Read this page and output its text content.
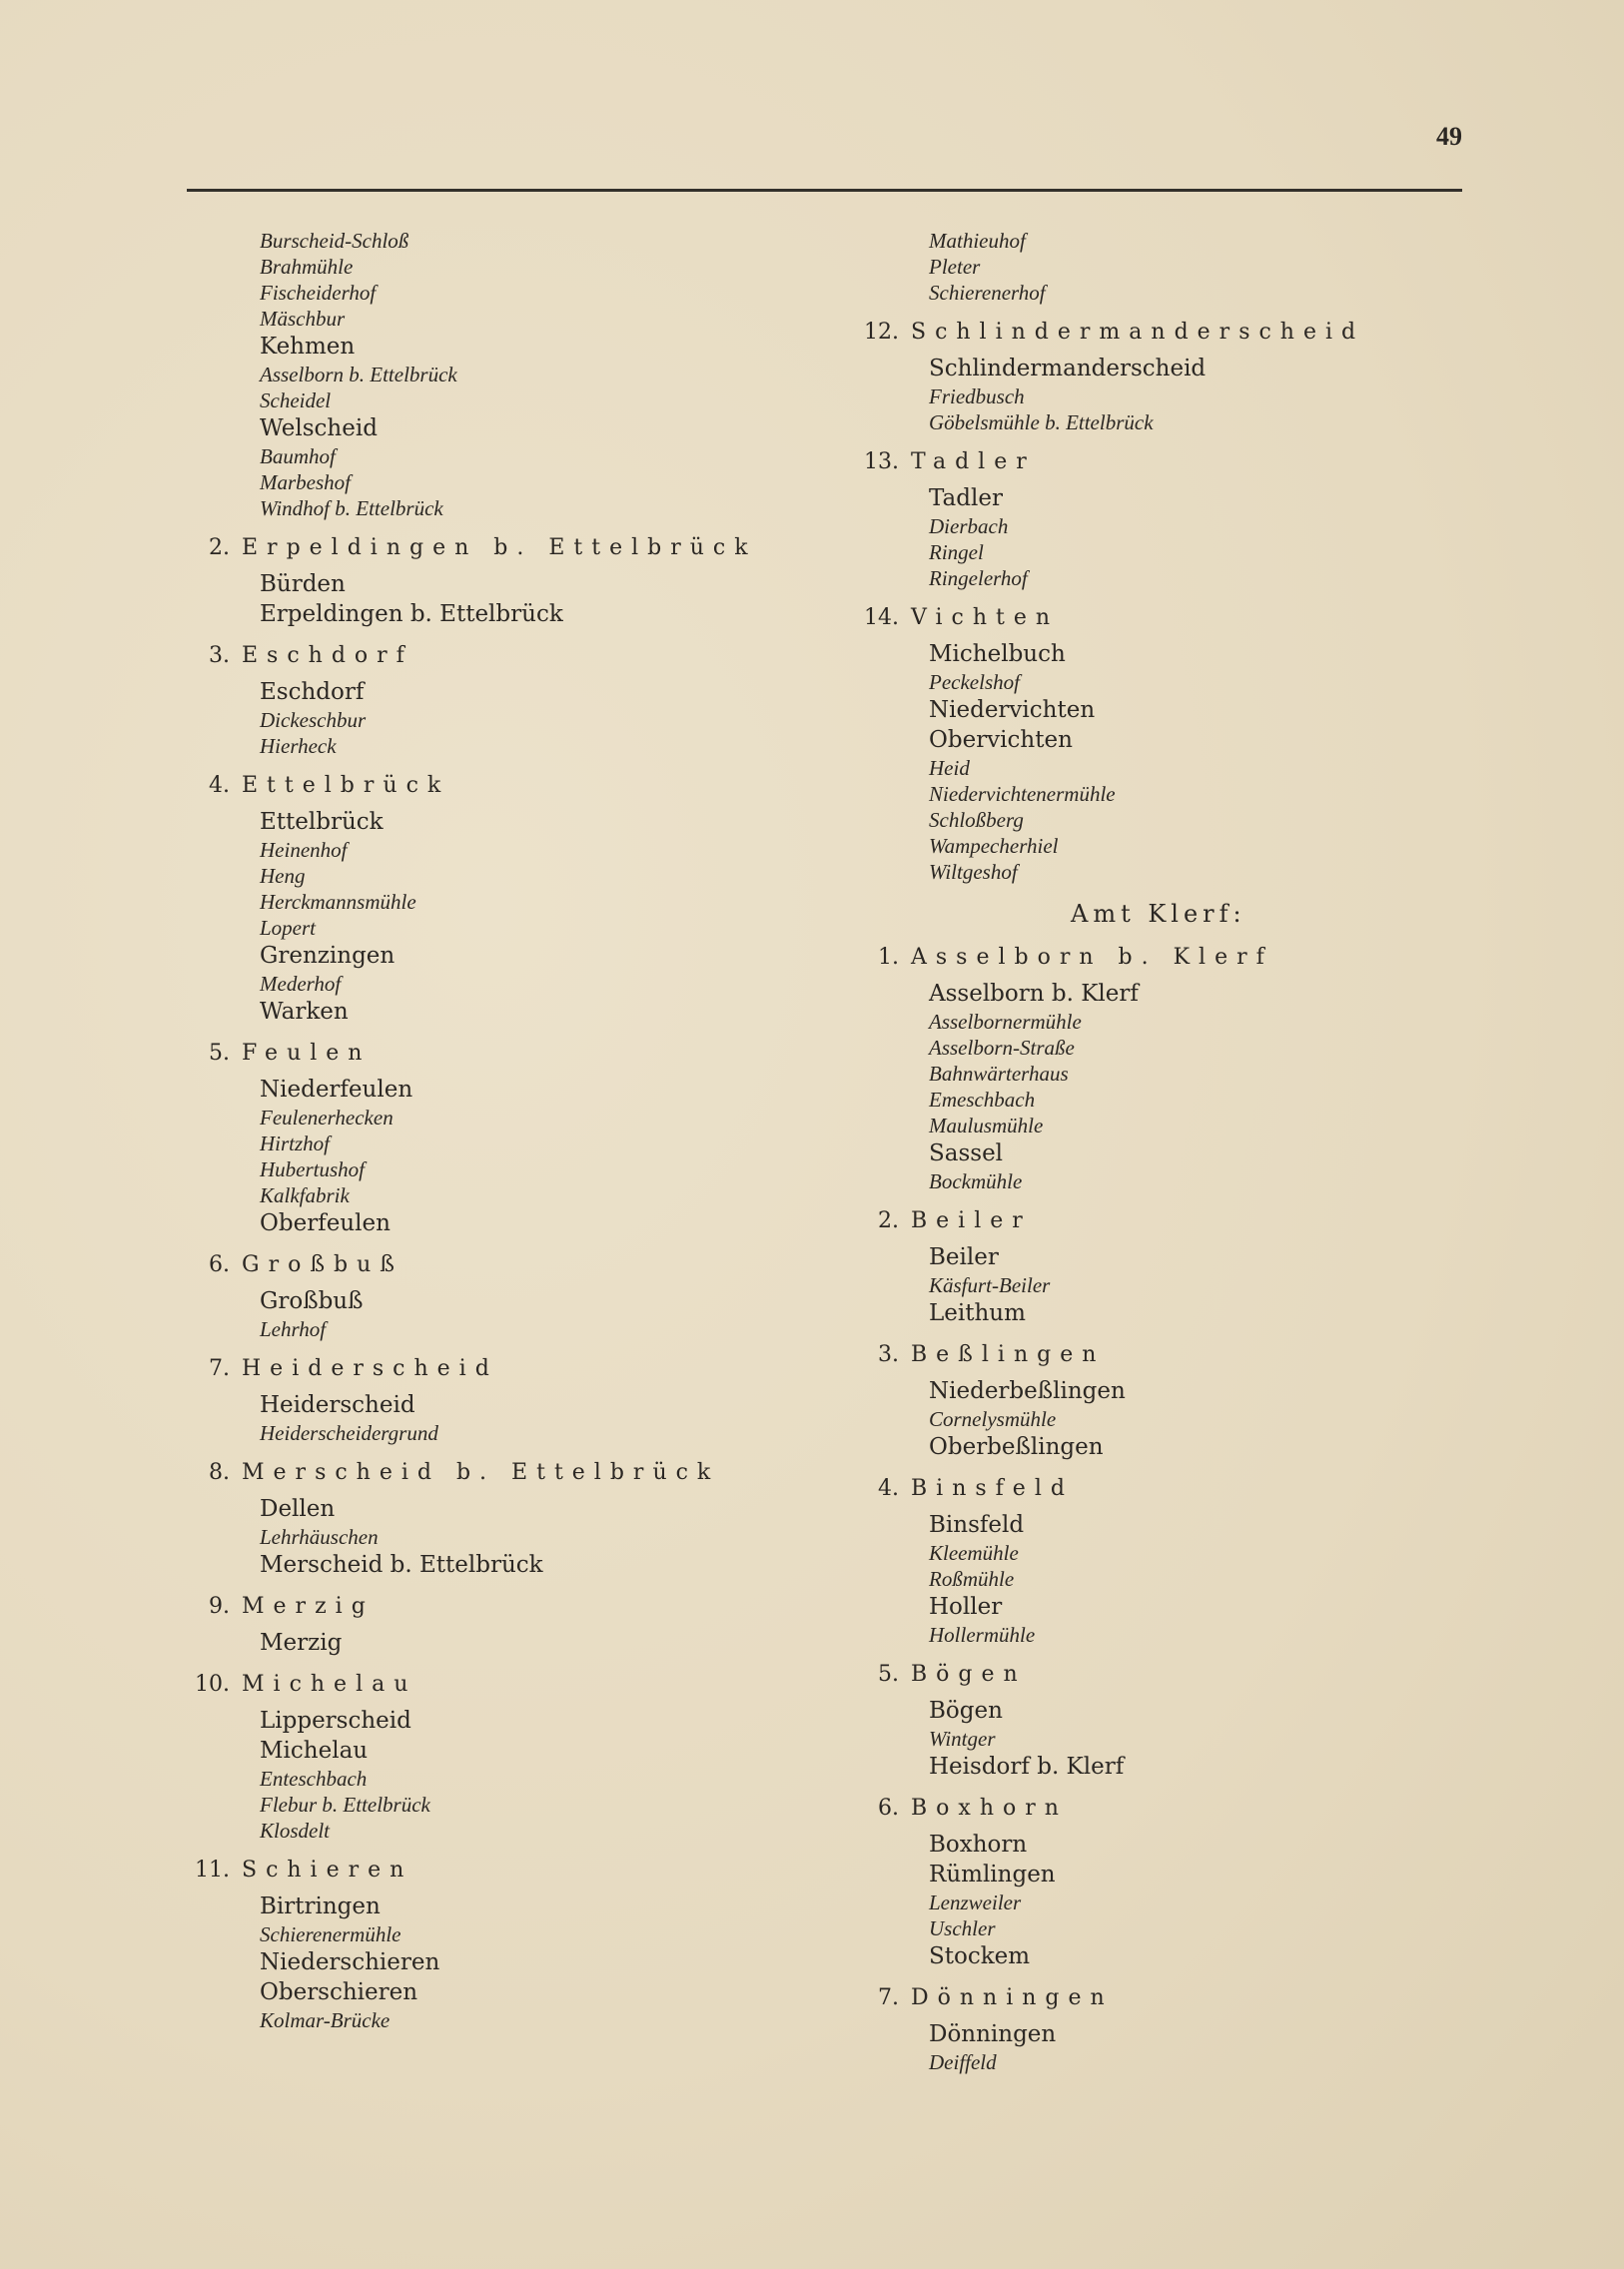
49
Burscheid-Schloß
Brahmühle
Fischeiderhof
Mäschbur
Kehmen
Asselborn b. Ettelbrück
Scheidel
Welscheid
Baumhof
Marbeshof
Windhof b. Ettelbrück
2. Erpeldingen b. Ettelbrück
Bürden
Erpeldingen b. Ettelbrück
3. Eschdorf
Eschdorf
Dickeschbur
Hierheck
4. Ettelbrück
Ettelbrück
Heinenhof
Heng
Herckmannsmühle
Lopert
Grenzingen
Mederhof
Warken
5. Feulen
Niederfeulen
Feulenerhecken
Hirtzhof
Hubertushof
Kalkfabrik
Oberfeulen
6. Großbuß
Großbuß
Lehrhof
7. Heiderscheid
Heiderscheid
Heiderscheidergrund
8. Merscheid b. Ettelbrück
Dellen
Lehrhäuschen
Merscheid b. Ettelbrück
9. Merzig
Merzig
10. Michelau
Lipperscheid
Michelau
Enteschbach
Flebur b. Ettelbrück
Klosdelt
11. Schieren
Birtringen
Schierenermühle
Niederschieren
Oberschieren
Kolmar-Brücke
Mathieuhof
Pleter
Schierenerhof
12. Schlindermanderscheid
Schlindermanderscheid
Friedbusch
Göbelsmühle b. Ettelbrück
13. Tadler
Tadler
Dierbach
Ringel
Ringelerhof
14. Vichten
Michelbuch
Peckelshof
Niedervichten
Obervichten
Heid
Niedervichtenermühle
Schloßberg
Wampecherhiel
Wiltgeshof
Amt Klerf:
1. Asselborn b. Klerf
Asselborn b. Klerf
Asselbornermühle
Asselborn-Straße
Bahnwärterhaus
Emeschbach
Maulusmühle
Sassel
Bockmühle
2. Beiler
Beiler
Käsfurt-Beiler
Leithum
3. Beßlingen
Niederbeßlingen
Cornelysmühle
Oberbeßlingen
4. Binsfeld
Binsfeld
Kleemühle
Roßmühle
Holler
Hollermühle
5. Bögen
Bögen
Wintger
Heisdorf b. Klerf
6. Boxhorn
Boxhorn
Rümlingen
Lenzweiler
Uschler
Stockem
7. Dönningen
Dönningen
Deiffeld
